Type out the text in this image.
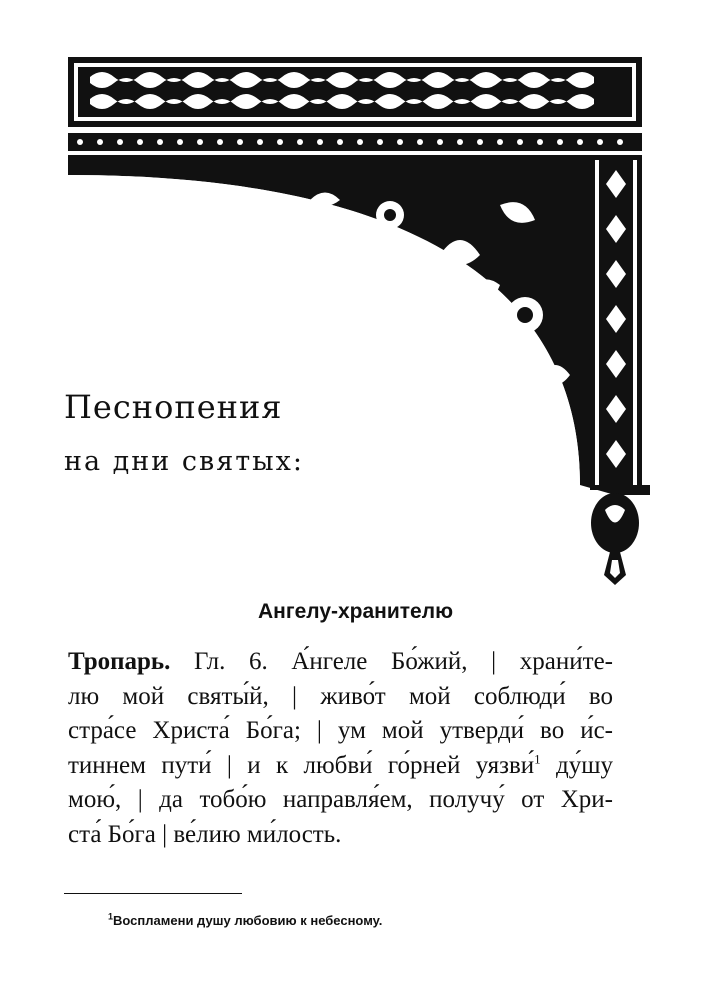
Песнопения
на дни святых:
Ангелу-хранителю
Тропарь. Гл. 6. А́нгеле Бо́жий, | храни́те-
лю мой святы́й, | живо́т мой соблюди́ во
стра́се Христа́ Бо́га; | ум мой утверди́ во и́с-
тиннем пути́ | и к любви́ го́рней уязви́$^1$ ду́шу
мою́, | да тобо́ю направля́ем, получу́ от Хри-
ста́ Бо́га | ве́лию ми́лость.
$^1$Воспламени душу любовию к небесному.
